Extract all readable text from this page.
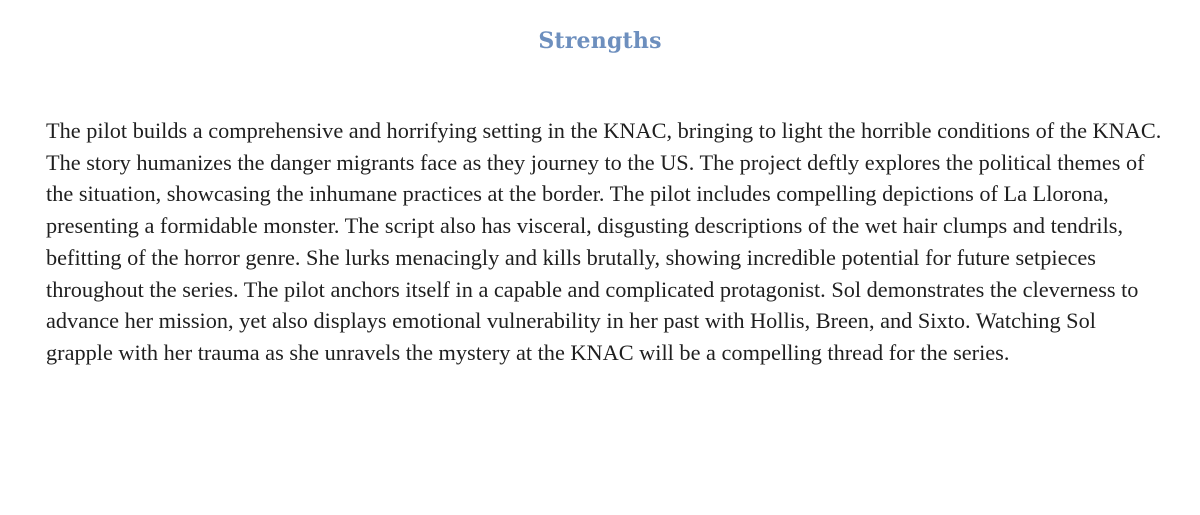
Strengths

The pilot builds a comprehensive and horrifying setting in the KNAC, bringing to light the horrible conditions of the KNAC. The story humanizes the danger migrants face as they journey to the US. The project deftly explores the political themes of the situation, showcasing the inhumane practices at the border. The pilot includes compelling depictions of La Llorona, presenting a formidable monster. The script also has visceral, disgusting descriptions of the wet hair clumps and tendrils, befitting of the horror genre. She lurks menacingly and kills brutally, showing incredible potential for future setpieces throughout the series. The pilot anchors itself in a capable and complicated protagonist. Sol demonstrates the cleverness to advance her mission, yet also displays emotional vulnerability in her past with Hollis, Breen, and Sixto. Watching Sol grapple with her trauma as she unravels the mystery at the KNAC will be a compelling thread for the series.
